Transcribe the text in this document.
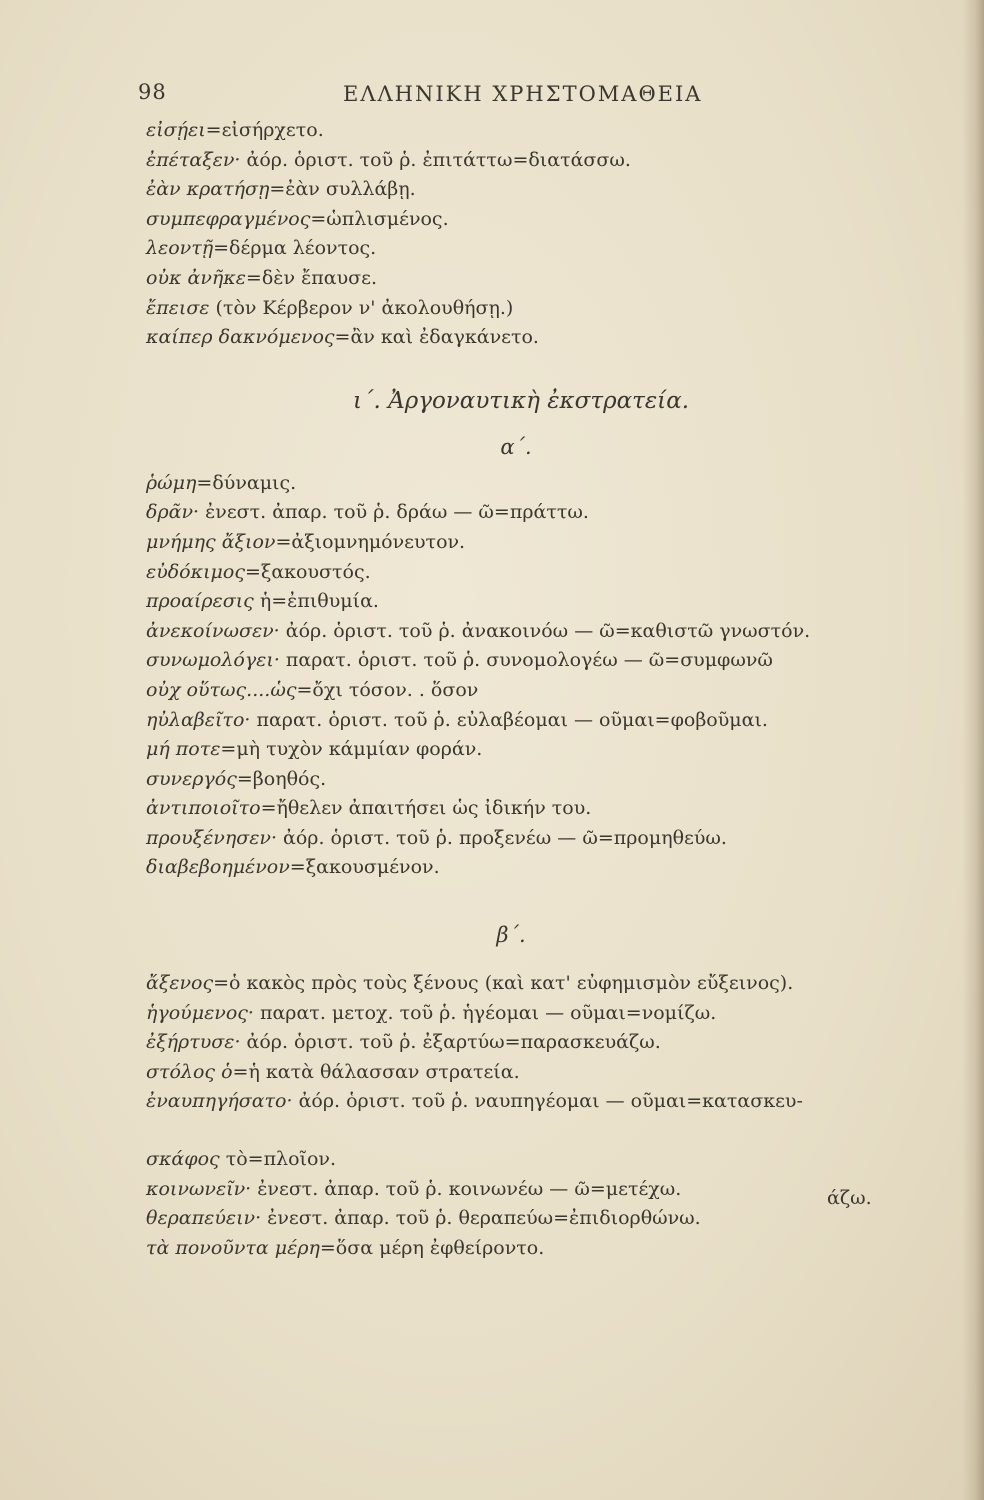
98	ΕΛΛΗΝΙΚΗ ΧΡΗΣΤΟΜΑΘΕΙΑ
εἰσῄει=εἰσήρχετο.
ἐπέταξεν· ἀόρ. ὁριστ. τοῦ ῥ. ἐπιτάττω=διατάσσω.
ἐὰν κρατήσῃ=ἐὰν συλλάβῃ.
συμπεφραγμένος=ὡπλισμένος.
λεοντῇ=δέρμα λέοντος.
οὐκ ἀνῆκε=δὲν ἔπαυσε.
ἔπεισε (τὸν Κέρβερον ν' ἀκολουθήσῃ.)
καίπερ δακνόμενος=ἂν καὶ ἐδαγκάνετο.
ι΄. Ἀργοναυτικὴ ἐκστρατεία.
α΄.
ῥώμη=δύναμις.
δρᾶν· ἐνεστ. ἀπαρ. τοῦ ῥ. δράω — ῶ=πράττω.
μνήμης ἄξιον=ἀξιομνημόνευτον.
εὐδόκιμος=ξακουστός.
προαίρεσις ἡ=ἐπιθυμία.
ἀνεκοίνωσεν· ἀόρ. ὁριστ. τοῦ ῥ. ἀνακοινόω — ῶ=καθιστῶ γνωστόν.
συνωμολόγει· παρατ. ὁριστ. τοῦ ῥ. συνομολογέω — ῶ=συμφωνῶ
οὐχ οὕτως....ὡς=ὄχι τόσον. . ὅσον
ηὐλαβεῖτο· παρατ. ὁριστ. τοῦ ῥ. εὐλαβέομαι — οῦμαι=φοβοῦμαι.
μή ποτε=μὴ τυχὸν κάμμίαν φοράν.
συνεργός=βοηθός.
ἀντιποιοῖτο=ἤθελεν ἀπαιτήσει ὡς ἰδικήν του.
προυξένησεν· ἀόρ. ὁριστ. τοῦ ῥ. προξενέω — ῶ=προμηθεύω.
διαβεβοημένον=ξακουσμένον.
β΄.
ἄξενος=ὁ κακὸς πρὸς τοὺς ξένους (καὶ κατ' εὐφημισμὸν εὔξεινος).
ἡγούμενος· παρατ. μετοχ. τοῦ ῥ. ἡγέομαι — οῦμαι=νομίζω.
ἐξήρτυσε· ἀόρ. ὁριστ. τοῦ ῥ. ἐξαρτύω=παρασκευάζω.
στόλος ὁ=ἡ κατὰ θάλασσαν στρατεία.
ἐναυπηγήσατο· ἀόρ. ὁριστ. τοῦ ῥ. ναυπηγέομαι — οῦμαι=κατασκευ-
σκάφος τὸ=πλοῖον.
κοινωνεῖν· ἐνεστ. ἀπαρ. τοῦ ῥ. κοινωνέω — ῶ=μετέχω.
θεραπεύειν· ἐνεστ. ἀπαρ. τοῦ ῥ. θεραπεύω=ἐπιδιορθώνω.
τὰ πονοῦντα μέρη=ὅσα μέρη ἐφθείροντο.
άζω.
